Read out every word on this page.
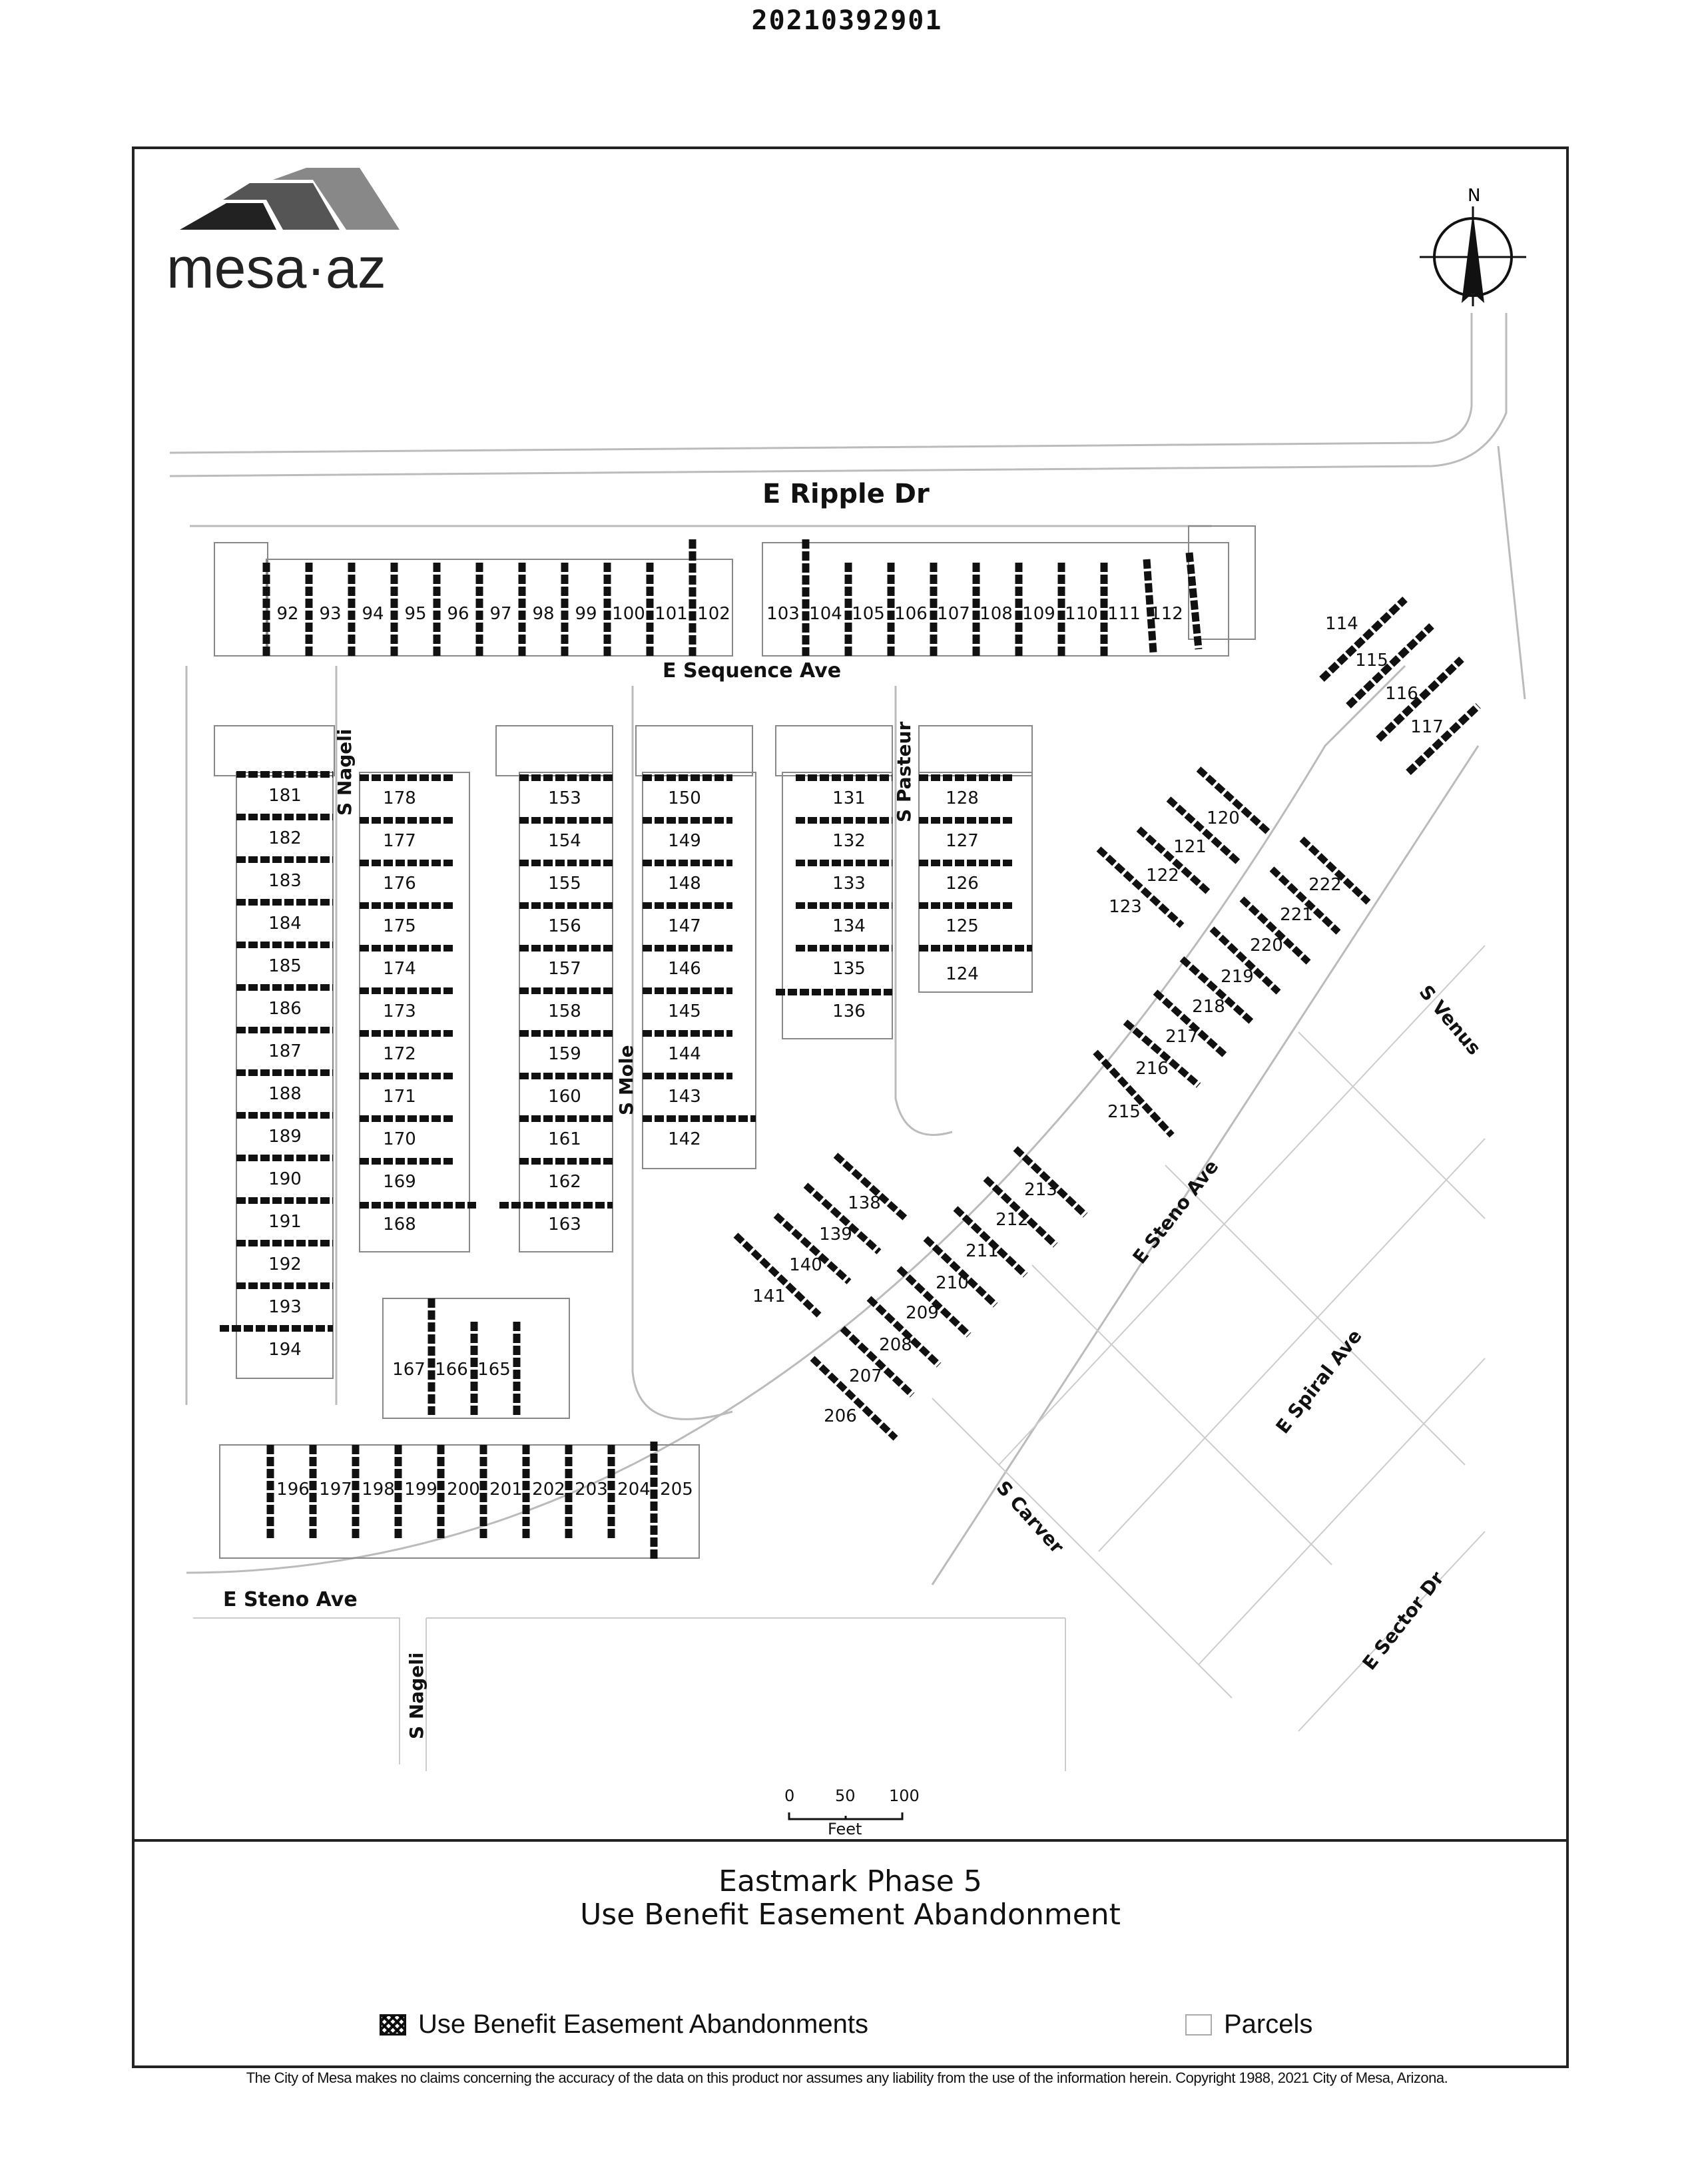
20210392901
mesa·az
N
92 93 94 95 96 97 98 99 100 101 102 103 104 105 106 107 108 109 110 111 112	114
115
116
117
181
182
183
184
185
186
187
188
189
190
191
192
193
194
178
177
176
175
174
173
172
171
170
169
168
153
154
155
156
157
158
159
160
161
162
163
150
149
148
147
146
145
144
143
142
131
132
133
134
135
136
128
127
126
125
124
120
121
122
123
222
221
220
219
218
217
216
215
213
212
211
210
209
208
207
206
138
139
140
141
167 166 165
196 197 198 199 200 201 202 203 204 205
E Ripple Dr
E Sequence Ave
S Nageli	S Pasteur
S Mole
S Venus
E Steno Ave
E Spiral Ave
S Carver
E Sector Dr
E Steno Ave
S Nageli
0	50 100
Feet
Eastmark Phase 5
Use Benefit Easement Abandonment
Use Benefit Easement Abandonments	Parcels
The City of Mesa makes no claims concerning the accuracy of the data on this product nor assumes any liability from the use of the information herein. Copyright 1988, 2021 City of Mesa, Arizona.
